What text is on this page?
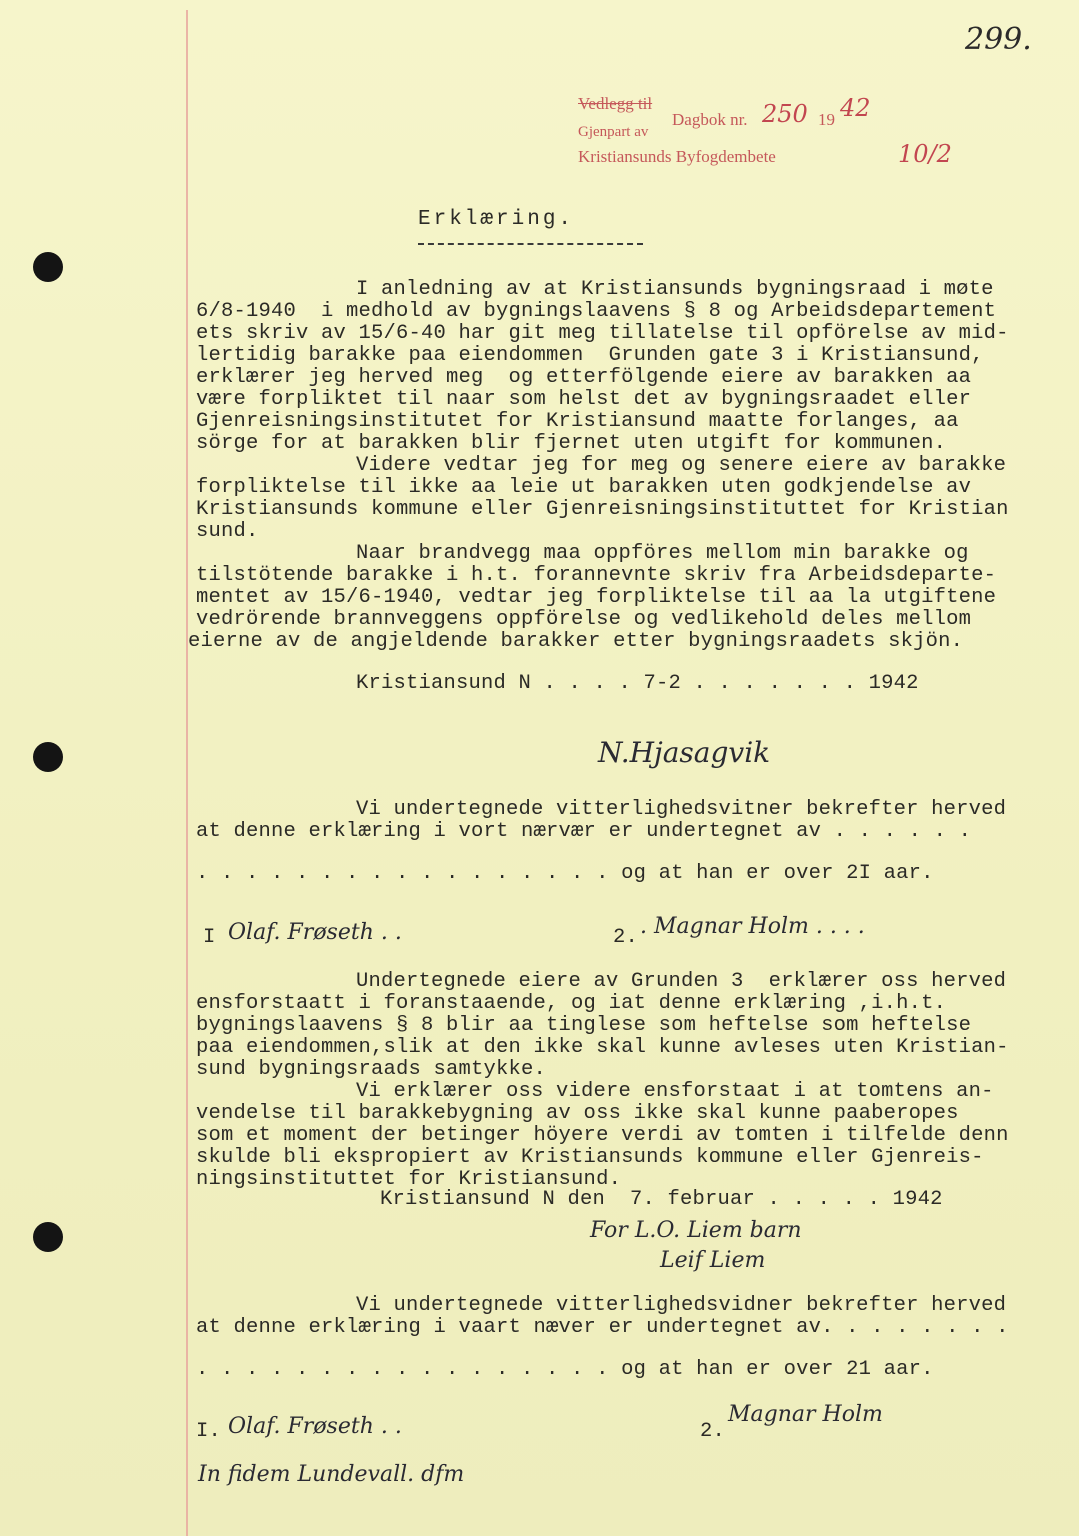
299.
Vedlegg til
Dagbok nr. 250 19 42
Gjenpart av
Kristiansunds Byfogdembete	10/2
Erklæring.
I anledning av at Kristiansunds bygningsraad i møte
6/8-1940  i medhold av bygningslaavens § 8 og Arbeidsdepartement
ets skriv av 15/6-40 har git meg tillatelse til opförelse av mid-
lertidig barakke paa eiendommen  Grunden gate 3 i Kristiansund,
erklærer jeg herved meg  og etterfölgende eiere av barakken aa
være forpliktet til naar som helst det av bygningsraadet eller
Gjenreisningsinstitutet for Kristiansund maatte forlanges, aa
sörge for at barakken blir fjernet uten utgift for kommunen.
Videre vedtar jeg for meg og senere eiere av barakke
forpliktelse til ikke aa leie ut barakken uten godkjendelse av
Kristiansunds kommune eller Gjenreisningsinstituttet for Kristian
sund.
Naar brandvegg maa oppföres mellom min barakke og
tilstötende barakke i h.t. forannevnte skriv fra Arbeidsdeparte-
mentet av 15/6-1940, vedtar jeg forpliktelse til aa la utgiftene
vedrörende brannveggens oppförelse og vedlikehold deles mellom
eierne av de angjeldende barakker etter bygningsraadets skjön.
Kristiansund N . . . . 7-2 . . . . . . . 1942
N.Hjasagvik
Vi undertegnede vitterlighedsvitner bekrefter herved
at denne erklæring i vort nærvær er undertegnet av . . . . . .
. . . . . . . . . . . . . . . . . og at han er over 2I aar.
I Olaf. Frøseth . .	2. . Magnar Holm . . . .
Undertegnede eiere av Grunden 3  erklærer oss herved
ensforstaatt i foranstaaende, og iat denne erklæring ,i.h.t.
bygningslaavens § 8 blir aa tinglese som heftelse som heftelse
paa eiendommen,slik at den ikke skal kunne avleses uten Kristian-
sund bygningsraads samtykke.
Vi erklærer oss videre ensforstaat i at tomtens an-
vendelse til barakkebygning av oss ikke skal kunne paaberopes
som et moment der betinger höyere verdi av tomten i tilfelde denn
skulde bli ekspropiert av Kristiansunds kommune eller Gjenreis-
ningsinstituttet for Kristiansund.
Kristiansund N den  7. februar . . . . . 1942
For L.O. Liem barn
Leif Liem
Vi undertegnede vitterlighedsvidner bekrefter herved
at denne erklæring i vaart næver er undertegnet av. . . . . . . .
. . . . . . . . . . . . . . . . . og at han er over 21 aar.
I. Olaf. Frøseth . .	2.
Magnar Holm
In fidem Lundevall. dfm
